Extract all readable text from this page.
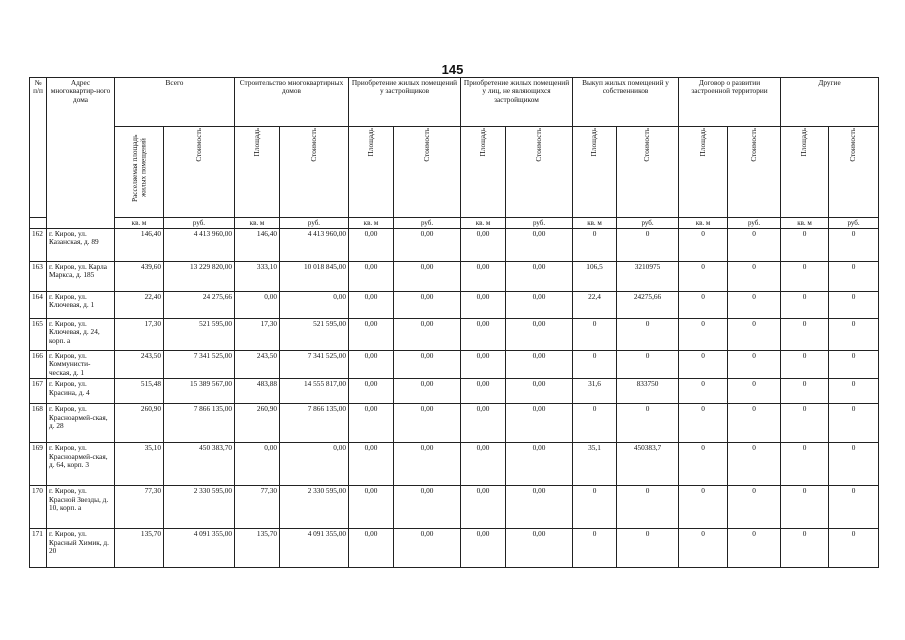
145
№ п/п	Адрес многоквартир-ного дома	Всего		Строительство многоквартирных домов		Приобретение жилых помещений у застройщиков		Приобретение жилых помещений у лиц, не являющихся застройщиком		Выкуп жилых помещений у собственников		Договор о развитии застроенной территории		Другие	

		Расселяемая площадь жилых помещений	Стоимость	Площадь	Стоимость	Площадь	Стоимость	Площадь	Стоимость	Площадь	Стоимость	Площадь	Стоимость	Площадь	Стоимость

		кв. м	руб.	кв. м	руб.	кв. м	руб.	кв. м	руб.	кв. м	руб.	кв. м	руб.	кв. м	руб.
162	г. Киров, ул. Казанская, д. 89	146,40	4 413 960,00	146,40	4 413 960,00	0,00	0,00	0,00	0,00	0	0	0	0	0	0
163	г. Киров, ул. Карла Маркса, д. 185	439,60	13 229 820,00	333,10	10 018 845,00	0,00	0,00	0,00	0,00	106,5	3210975	0	0	0	0
164	г. Киров, ул. Ключевая, д. 1	22,40	24 275,66	0,00	0,00	0,00	0,00	0,00	0,00	22,4	24275,66	0	0	0	0
165	г. Киров, ул. Ключевая, д. 24, корп. а	17,30	521 595,00	17,30	521 595,00	0,00	0,00	0,00	0,00	0	0	0	0	0	0
166	г. Киров, ул. Коммунисти-ческая, д. 1	243,50	7 341 525,00	243,50	7 341 525,00	0,00	0,00	0,00	0,00	0	0	0	0	0	0
167	г. Киров, ул. Красина, д. 4	515,48	15 389 567,00	483,88	14 555 817,00	0,00	0,00	0,00	0,00	31,6	833750	0	0	0	0
168	г. Киров, ул. Красноармей-ская, д. 28	260,90	7 866 135,00	260,90	7 866 135,00	0,00	0,00	0,00	0,00	0	0	0	0	0	0
169	г. Киров, ул. Красноармей-ская, д. 64, корп. 3	35,10	450 383,70	0,00	0,00	0,00	0,00	0,00	0,00	35,1	450383,7	0	0	0	0
170	г. Киров, ул. Красной Звезды, д. 10, корп. а	77,30	2 330 595,00	77,30	2 330 595,00	0,00	0,00	0,00	0,00	0	0	0	0	0	0
171	г. Киров, ул. Красный Химик, д. 20	135,70	4 091 355,00	135,70	4 091 355,00	0,00	0,00	0,00	0,00	0	0	0	0	0	0
